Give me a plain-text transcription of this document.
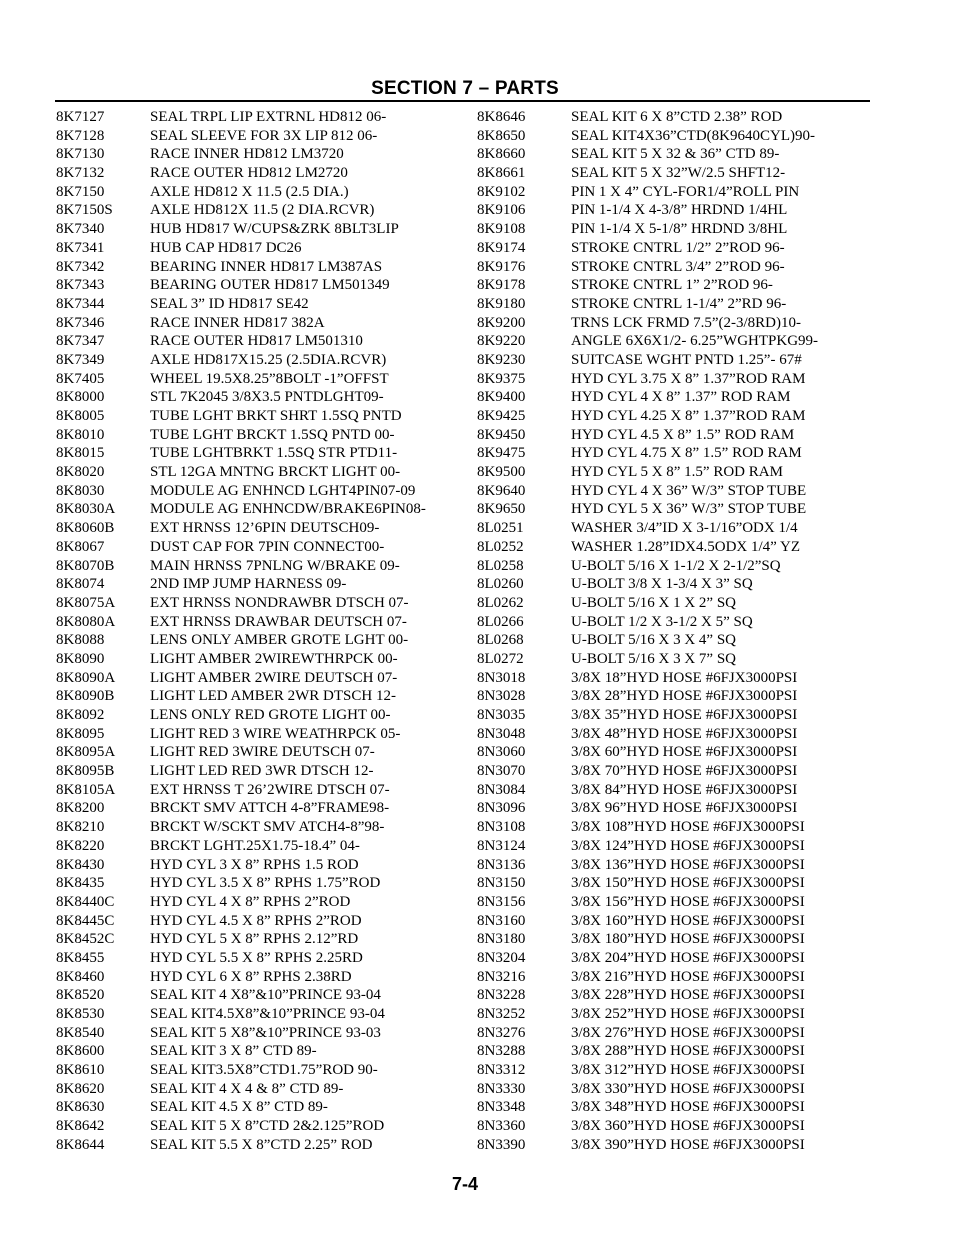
SECTION 7 – PARTS
8K7127	SEAL TRPL LIP EXTRNL HD812 06-
8K7128	SEAL SLEEVE FOR 3X LIP 812 06-
8K7130	RACE INNER HD812 LM3720
8K7132	RACE OUTER HD812 LM2720
8K7150	AXLE HD812 X 11.5 (2.5 DIA.)
8K7150S	AXLE HD812X 11.5 (2 DIA.RCVR)
8K7340	HUB HD817 W/CUPS&ZRK 8BLT3LIP
8K7341	HUB CAP HD817 DC26
8K7342	BEARING INNER HD817 LM387AS
8K7343	BEARING OUTER HD817 LM501349
8K7344	SEAL 3” ID HD817 SE42
8K7346	RACE INNER HD817 382A
8K7347	RACE OUTER HD817 LM501310
8K7349	AXLE HD817X15.25 (2.5DIA.RCVR)
8K7405	WHEEL 19.5X8.25”8BOLT -1”OFFST
8K8000	STL 7K2045 3/8X3.5 PNTDLGHT09-
8K8005	TUBE LGHT BRKT SHRT 1.5SQ PNTD
8K8010	TUBE LGHT BRCKT 1.5SQ PNTD 00-
8K8015	TUBE LGHTBRKT 1.5SQ STR PTD11-
8K8020	STL 12GA MNTNG BRCKT LIGHT 00-
8K8030	MODULE AG ENHNCD LGHT4PIN07-09
8K8030A	MODULE AG ENHNCDW/BRAKE6PIN08-
8K8060B	EXT HRNSS 12’6PIN DEUTSCH09-
8K8067	DUST CAP FOR 7PIN CONNECT00-
8K8070B	MAIN HRNSS 7PNLNG W/BRAKE 09-
8K8074	2ND IMP JUMP HARNESS 09-
8K8075A	EXT HRNSS NONDRAWBR DTSCH 07-
8K8080A	EXT HRNSS DRAWBAR DEUTSCH 07-
8K8088	LENS ONLY AMBER GROTE LGHT 00-
8K8090	LIGHT AMBER 2WIREWTHRPCK 00-
8K8090A	LIGHT AMBER 2WIRE DEUTSCH 07-
8K8090B	LIGHT LED AMBER 2WR DTSCH 12-
8K8092	LENS ONLY RED GROTE LIGHT 00-
8K8095	LIGHT RED 3 WIRE WEATHRPCK 05-
8K8095A	LIGHT RED 3WIRE DEUTSCH 07-
8K8095B	LIGHT LED RED 3WR DTSCH 12-
8K8105A	EXT HRNSS T 26’2WIRE DTSCH 07-
8K8200	BRCKT SMV ATTCH 4-8”FRAME98-
8K8210	BRCKT W/SCKT SMV ATCH4-8”98-
8K8220	BRCKT LGHT.25X1.75-18.4” 04-
8K8430	HYD CYL 3 X 8” RPHS 1.5 ROD
8K8435	HYD CYL 3.5 X 8” RPHS 1.75”ROD
8K8440C	HYD CYL 4 X 8” RPHS 2”ROD
8K8445C	HYD CYL 4.5 X 8” RPHS 2”ROD
8K8452C	HYD CYL 5 X 8” RPHS 2.12”RD
8K8455	HYD CYL 5.5 X 8” RPHS 2.25RD
8K8460	HYD CYL 6 X 8” RPHS 2.38RD
8K8520	SEAL KIT 4 X8”&10”PRINCE 93-04
8K8530	SEAL KIT4.5X8”&10”PRINCE 93-04
8K8540	SEAL KIT 5 X8”&10”PRINCE 93-03
8K8600	SEAL KIT 3 X 8” CTD 89-
8K8610	SEAL KIT3.5X8”CTD1.75”ROD 90-
8K8620	SEAL KIT 4 X 4 & 8” CTD 89-
8K8630	SEAL KIT 4.5 X 8” CTD 89-
8K8642	SEAL KIT 5 X 8”CTD 2&2.125”ROD
8K8644	SEAL KIT 5.5 X 8”CTD 2.25” ROD
8K8646	SEAL KIT 6 X 8”CTD 2.38” ROD
8K8650	SEAL KIT4X36”CTD(8K9640CYL)90-
8K8660	SEAL KIT 5 X 32 & 36” CTD 89-
8K8661	SEAL KIT 5 X 32”W/2.5 SHFT12-
8K9102	PIN 1 X 4” CYL-FOR1/4”ROLL PIN
8K9106	PIN 1-1/4 X 4-3/8” HRDND 1/4HL
8K9108	PIN 1-1/4 X 5-1/8” HRDND 3/8HL
8K9174	STROKE CNTRL 1/2” 2”ROD 96-
8K9176	STROKE CNTRL 3/4” 2”ROD 96-
8K9178	STROKE CNTRL 1” 2”ROD 96-
8K9180	STROKE CNTRL 1-1/4” 2”RD 96-
8K9200	TRNS LCK FRMD 7.5”(2-3/8RD)10-
8K9220	ANGLE 6X6X1/2- 6.25”WGHTPKG99-
8K9230	SUITCASE WGHT PNTD 1.25”- 67#
8K9375	HYD CYL 3.75 X 8” 1.37”ROD RAM
8K9400	HYD CYL 4 X 8” 1.37” ROD RAM
8K9425	HYD CYL 4.25 X 8” 1.37”ROD RAM
8K9450	HYD CYL 4.5 X 8” 1.5” ROD RAM
8K9475	HYD CYL 4.75 X 8” 1.5” ROD RAM
8K9500	HYD CYL 5 X 8” 1.5” ROD RAM
8K9640	HYD CYL 4 X 36” W/3” STOP TUBE
8K9650	HYD CYL 5 X 36” W/3” STOP TUBE
8L0251	WASHER 3/4”ID X 3-1/16”ODX 1/4
8L0252	WASHER 1.28”IDX4.5ODX 1/4” YZ
8L0258	U-BOLT 5/16 X 1-1/2 X 2-1/2”SQ
8L0260	U-BOLT 3/8 X 1-3/4 X 3” SQ
8L0262	U-BOLT 5/16 X 1 X 2” SQ
8L0266	U-BOLT 1/2 X 3-1/2 X 5” SQ
8L0268	U-BOLT 5/16 X 3 X 4” SQ
8L0272	U-BOLT 5/16 X 3 X 7” SQ
8N3018	3/8X 18”HYD HOSE #6FJX3000PSI
8N3028	3/8X 28”HYD HOSE #6FJX3000PSI
8N3035	3/8X 35”HYD HOSE #6FJX3000PSI
8N3048	3/8X 48”HYD HOSE #6FJX3000PSI
8N3060	3/8X 60”HYD HOSE #6FJX3000PSI
8N3070	3/8X 70”HYD HOSE #6FJX3000PSI
8N3084	3/8X 84”HYD HOSE #6FJX3000PSI
8N3096	3/8X 96”HYD HOSE #6FJX3000PSI
8N3108	3/8X 108”HYD HOSE #6FJX3000PSI
8N3124	3/8X 124”HYD HOSE #6FJX3000PSI
8N3136	3/8X 136”HYD HOSE #6FJX3000PSI
8N3150	3/8X 150”HYD HOSE #6FJX3000PSI
8N3156	3/8X 156”HYD HOSE #6FJX3000PSI
8N3160	3/8X 160”HYD HOSE #6FJX3000PSI
8N3180	3/8X 180”HYD HOSE #6FJX3000PSI
8N3204	3/8X 204”HYD HOSE #6FJX3000PSI
8N3216	3/8X 216”HYD HOSE #6FJX3000PSI
8N3228	3/8X 228”HYD HOSE #6FJX3000PSI
8N3252	3/8X 252”HYD HOSE #6FJX3000PSI
8N3276	3/8X 276”HYD HOSE #6FJX3000PSI
8N3288	3/8X 288”HYD HOSE #6FJX3000PSI
8N3312	3/8X 312”HYD HOSE #6FJX3000PSI
8N3330	3/8X 330”HYD HOSE #6FJX3000PSI
8N3348	3/8X 348”HYD HOSE #6FJX3000PSI
8N3360	3/8X 360”HYD HOSE #6FJX3000PSI
8N3390	3/8X 390”HYD HOSE #6FJX3000PSI
7-4
